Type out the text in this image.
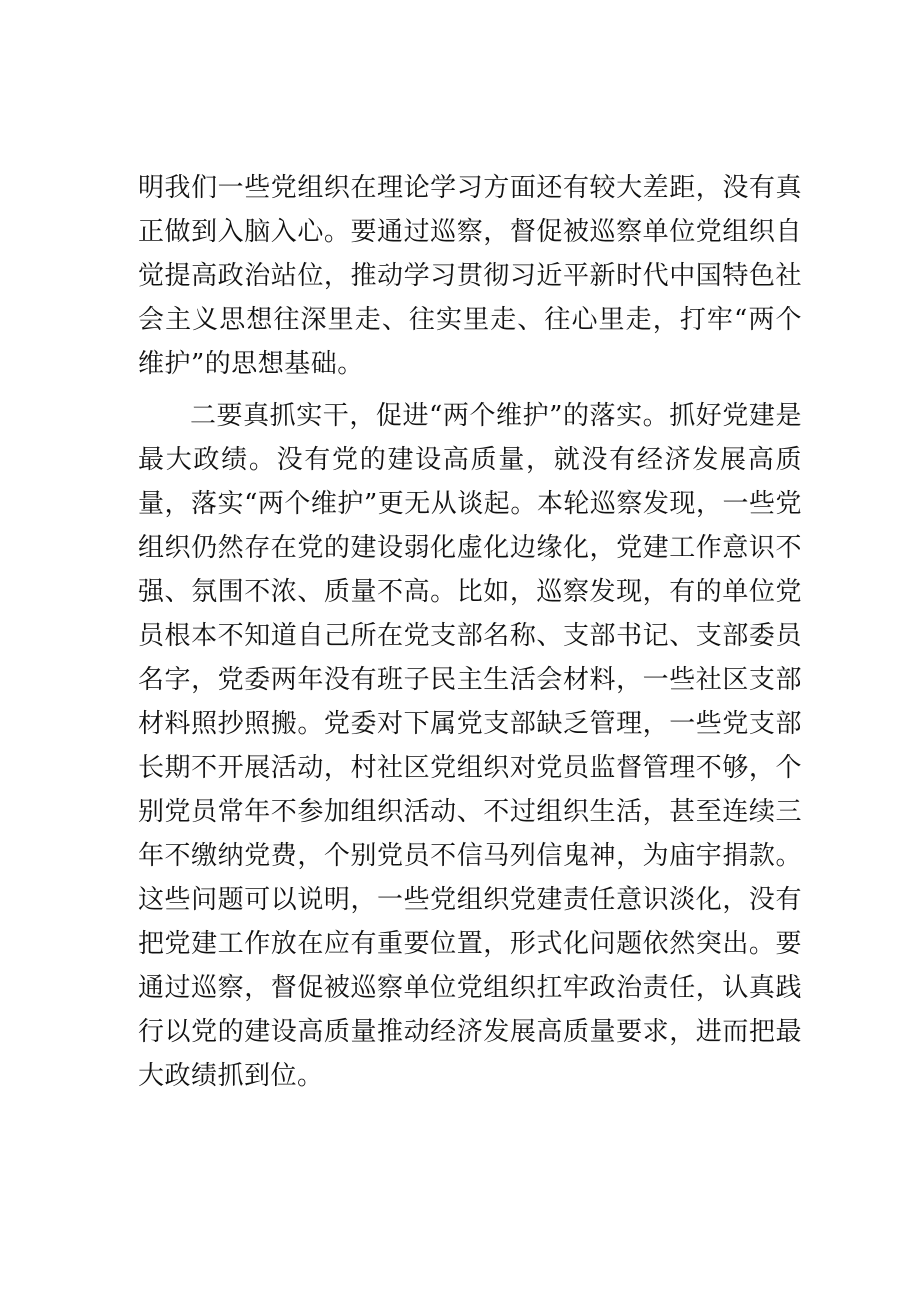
明我们一些党组织在理论学习方面还有较大差距，没有真正做到入脑入心。要通过巡察，督促被巡察单位党组织自觉提高政治站位，推动学习贯彻习近平新时代中国特色社会主义思想往深里走、往实里走、往心里走，打牢“两个维护”的思想基础。

二要真抓实干，促进“两个维护”的落实。抓好党建是最大政绩。没有党的建设高质量，就没有经济发展高质量，落实“两个维护”更无从谈起。本轮巡察发现，一些党组织仍然存在党的建设弱化虚化边缘化，党建工作意识不强、氛围不浓、质量不高。比如，巡察发现，有的单位党员根本不知道自己所在党支部名称、支部书记、支部委员名字，党委两年没有班子民主生活会材料，一些社区支部材料照抄照搬。党委对下属党支部缺乏管理，一些党支部长期不开展活动，村社区党组织对党员监督管理不够，个别党员常年不参加组织活动、不过组织生活，甚至连续三年不缴纳党费，个别党员不信马列信鬼神，为庙宇捐款。这些问题可以说明，一些党组织党建责任意识淡化，没有把党建工作放在应有重要位置，形式化问题依然突出。要通过巡察，督促被巡察单位党组织扛牢政治责任，认真践行以党的建设高质量推动经济发展高质量要求，进而把最大政绩抓到位。
